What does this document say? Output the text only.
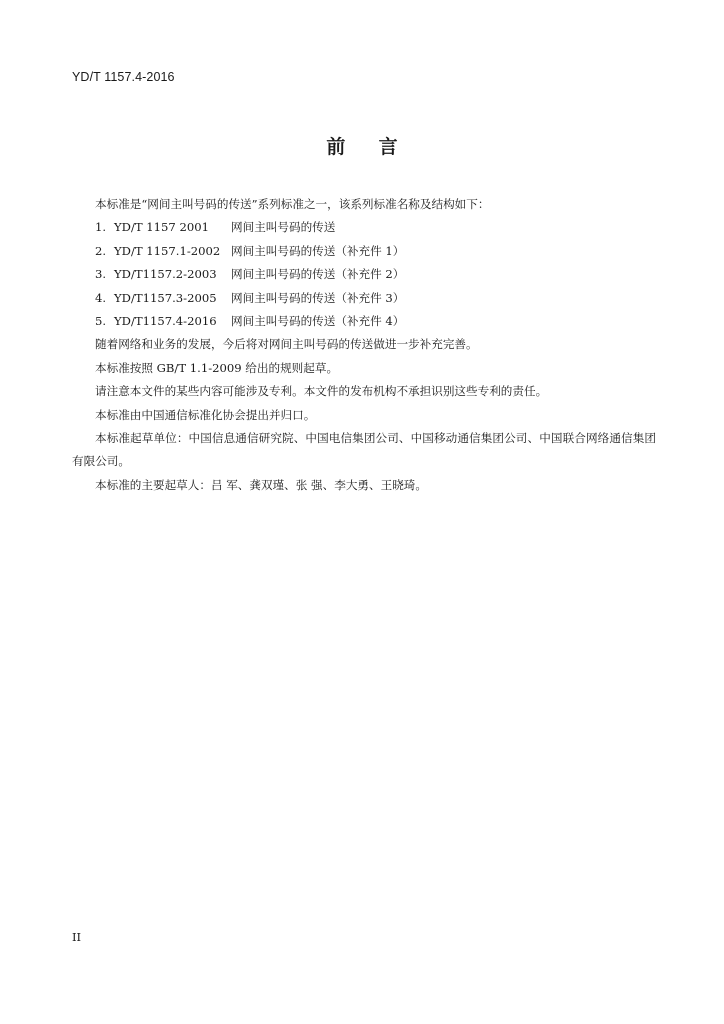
YD/T 1157.4-2016
前 言

本标准是“网间主叫号码的传送”系列标准之一，该系列标准名称及结构如下：

1. YD/T 1157 2001 网间主叫号码的传送
2. YD/T 1157.1-2002 网间主叫号码的传送（补充件 1）
3. YD/T1157.2-2003 网间主叫号码的传送（补充件 2）
4. YD/T1157.3-2005 网间主叫号码的传送（补充件 3）
5. YD/T1157.4-2016 网间主叫号码的传送（补充件 4）

随着网络和业务的发展，今后将对网间主叫号码的传送做进一步补充完善。

本标准按照 GB/T 1.1-2009 给出的规则起草。

请注意本文件的某些内容可能涉及专利。本文件的发布机构不承担识别这些专利的责任。

本标准由中国通信标准化协会提出并归口。

本标准起草单位：中国信息通信研究院、中国电信集团公司、中国移动通信集团公司、中国联合网络通信集团有限公司。

本标准的主要起草人：吕 军、龚双瑾、张 强、李大勇、王晓琦。

II
